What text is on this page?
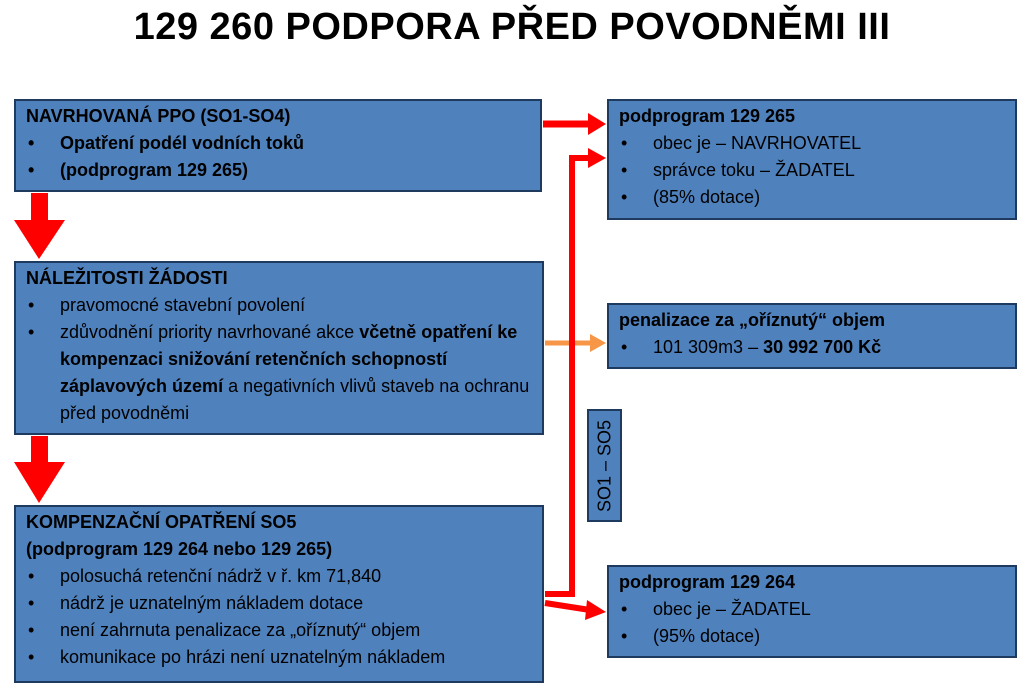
129 260 PODPORA PŘED POVODNĚMI III
NAVRHOVANÁ PPO (SO1-SO4)
• Opatření podél vodních toků
• (podprogram 129 265)
NÁLEŽITOSTI ŽÁDOSTI
• pravomocné stavební povolení
• zdůvodnění priority navrhované akce včetně opatření ke kompenzaci snižování retenčních schopností záplavových území a negativních vlivů staveb na ochranu před povodněmi
KOMPENZAČNÍ OPATŘENÍ SO5
(podprogram 129 264 nebo 129 265)
• polosuchá retenční nádrž v ř. km 71,840
• nádrž je uznatelným nákladem dotace
• není zahrnuta penalizace za „oříznutý“ objem
• komunikace po hrázi není uznatelným nákladem
podprogram 129 265
• obec je – NAVRHOVATEL
• správce toku – ŽADATEL
• (85% dotace)
penalizace za „oříznutý“ objem
• 101 309m3 – 30 992 700 Kč
podprogram 129 264
• obec je – ŽADATEL
• (95% dotace)
SO1 – SO5
